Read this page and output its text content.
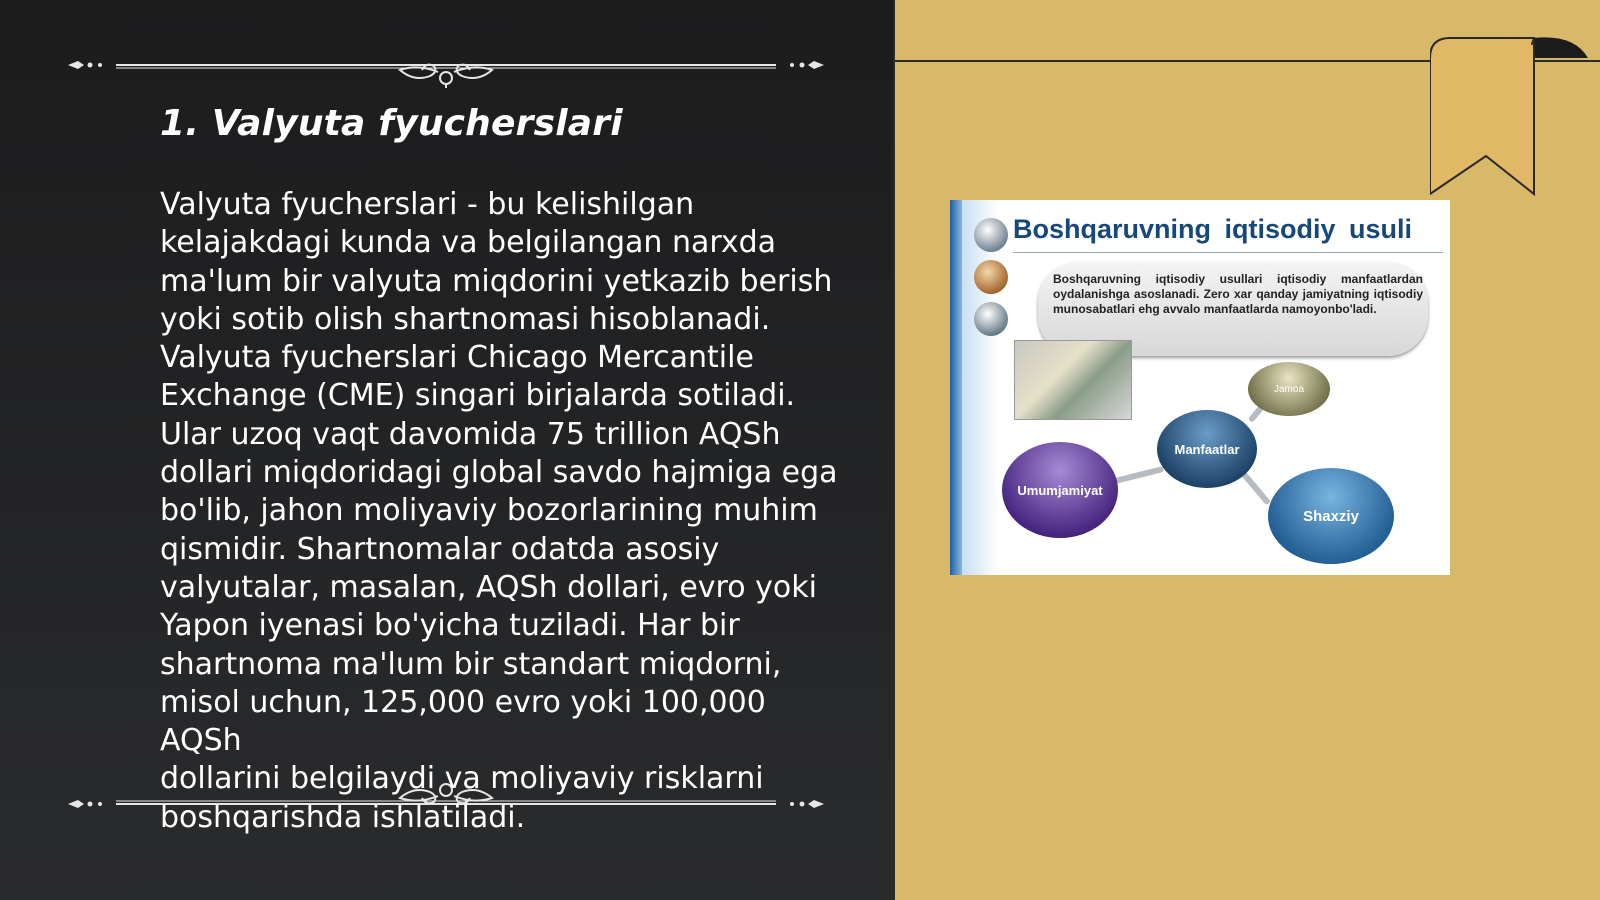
1. Valyuta fyucherslari
Valyuta fyucherslari - bu kelishilgan
kelajakdagi kunda va belgilangan narxda
ma'lum bir valyuta miqdorini yetkazib berish
yoki sotib olish shartnomasi hisoblanadi.
Valyuta fyucherslari Chicago Mercantile
Exchange (CME) singari birjalarda sotiladi.
Ular uzoq vaqt davomida 75 trillion AQSh
dollari miqdoridagi global savdo hajmiga ega
bo'lib, jahon moliyaviy bozorlarining muhim
qismidir. Shartnomalar odatda asosiy
valyutalar, masalan, AQSh dollari, evro yoki
Yapon iyenasi bo'yicha tuziladi. Har bir
shartnoma ma'lum bir standart miqdorni,
misol uchun, 125,000 evro yoki 100,000 AQSh
dollarini belgilaydi va moliyaviy risklarni
boshqarishda ishlatiladi.
Boshqaruvning iqtisodiy usuli
Boshqaruvning iqtisodiy usullari iqtisodiy manfaatlardan oydalanishga asoslanadi. Zero xar qanday jamiyatning iqtisodiy munosabatlari ehg avvalo manfaatlarda namoyonbo'ladi.
Jamoa
Manfaatlar
Umumjamiyat
Shaxziy
